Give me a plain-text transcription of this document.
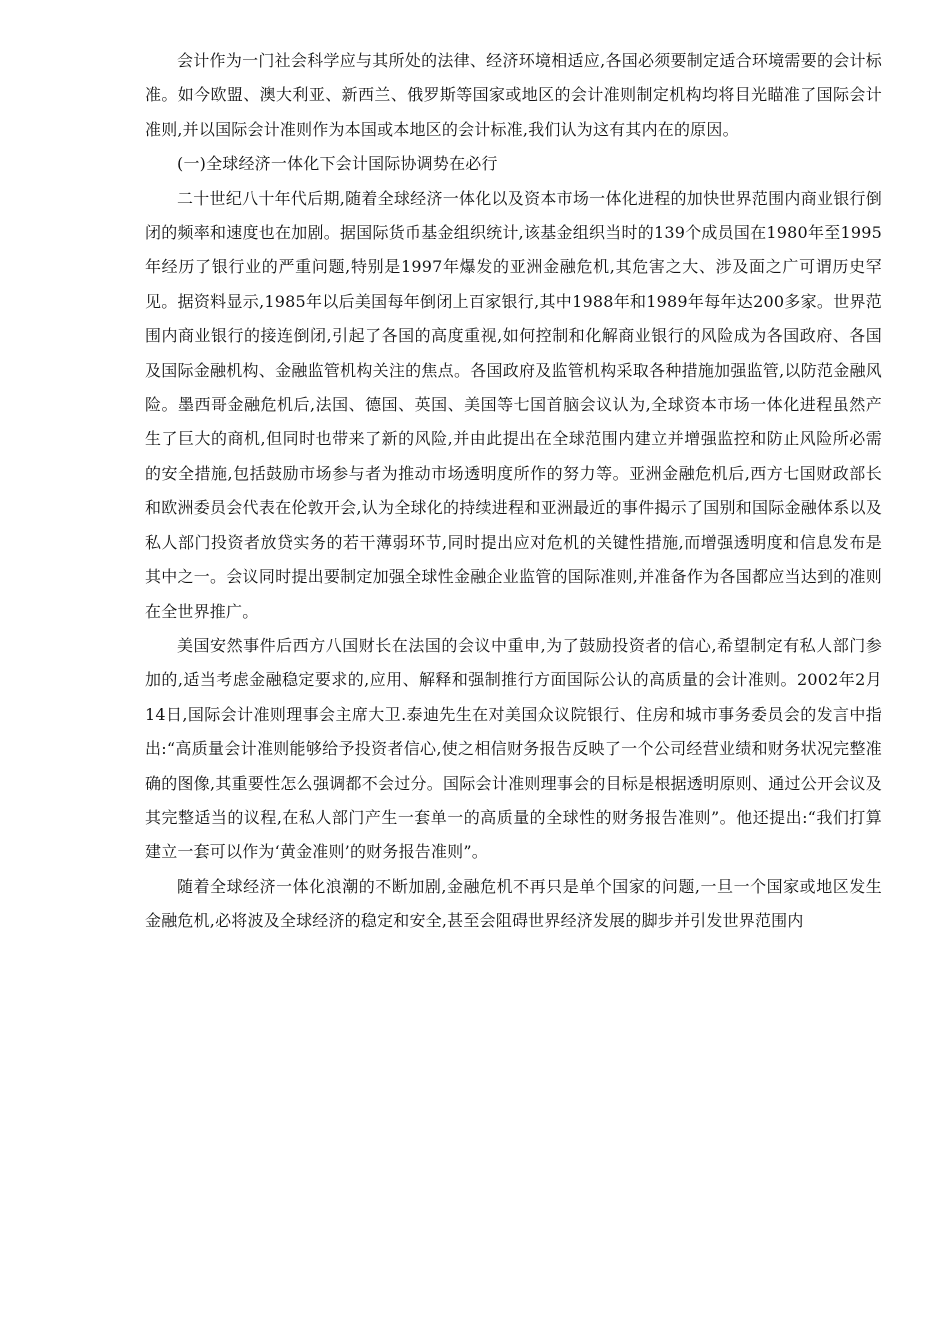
会计作为一门社会科学应与其所处的法律、经济环境相适应,各国必须要制定适合环境需要的会计标准。如今欧盟、澳大利亚、新西兰、俄罗斯等国家或地区的会计准则制定机构均将目光瞄准了国际会计准则,并以国际会计准则作为本国或本地区的会计标准,我们认为这有其内在的原因。

(一)全球经济一体化下会计国际协调势在必行

二十世纪八十年代后期,随着全球经济一体化以及资本市场一体化进程的加快世界范围内商业银行倒闭的频率和速度也在加剧。据国际货币基金组织统计,该基金组织当时的139个成员国在1980年至1995年经历了银行业的严重问题,特别是1997年爆发的亚洲金融危机,其危害之大、涉及面之广可谓历史罕见。据资料显示,1985年以后美国每年倒闭上百家银行,其中1988年和1989年每年达200多家。世界范围内商业银行的接连倒闭,引起了各国的高度重视,如何控制和化解商业银行的风险成为各国政府、各国及国际金融机构、金融监管机构关注的焦点。各国政府及监管机构采取各种措施加强监管,以防范金融风险。墨西哥金融危机后,法国、德国、英国、美国等七国首脑会议认为,全球资本市场一体化进程虽然产生了巨大的商机,但同时也带来了新的风险,并由此提出在全球范围内建立并增强监控和防止风险所必需的安全措施,包括鼓励市场参与者为推动市场透明度所作的努力等。亚洲金融危机后,西方七国财政部长和欧洲委员会代表在伦敦开会,认为全球化的持续进程和亚洲最近的事件揭示了国别和国际金融体系以及私人部门投资者放贷实务的若干薄弱环节,同时提出应对危机的关键性措施,而增强透明度和信息发布是其中之一。会议同时提出要制定加强全球性金融企业监管的国际准则,并准备作为各国都应当达到的准则在全世界推广。

美国安然事件后西方八国财长在法国的会议中重申,为了鼓励投资者的信心,希望制定有私人部门参加的,适当考虑金融稳定要求的,应用、解释和强制推行方面国际公认的高质量的会计准则。2002年2月14日,国际会计准则理事会主席大卫.泰迪先生在对美国众议院银行、住房和城市事务委员会的发言中指出:“高质量会计准则能够给予投资者信心,使之相信财务报告反映了一个公司经营业绩和财务状况完整准确的图像,其重要性怎么强调都不会过分。国际会计准则理事会的目标是根据透明原则、通过公开会议及其完整适当的议程,在私人部门产生一套单一的高质量的全球性的财务报告准则”。他还提出:“我们打算建立一套可以作为‘黄金准则’的财务报告准则”。

随着全球经济一体化浪潮的不断加剧,金融危机不再只是单个国家的问题,一旦一个国家或地区发生金融危机,必将波及全球经济的稳定和安全,甚至会阻碍世界经济发展的脚步并引发世界范围内
